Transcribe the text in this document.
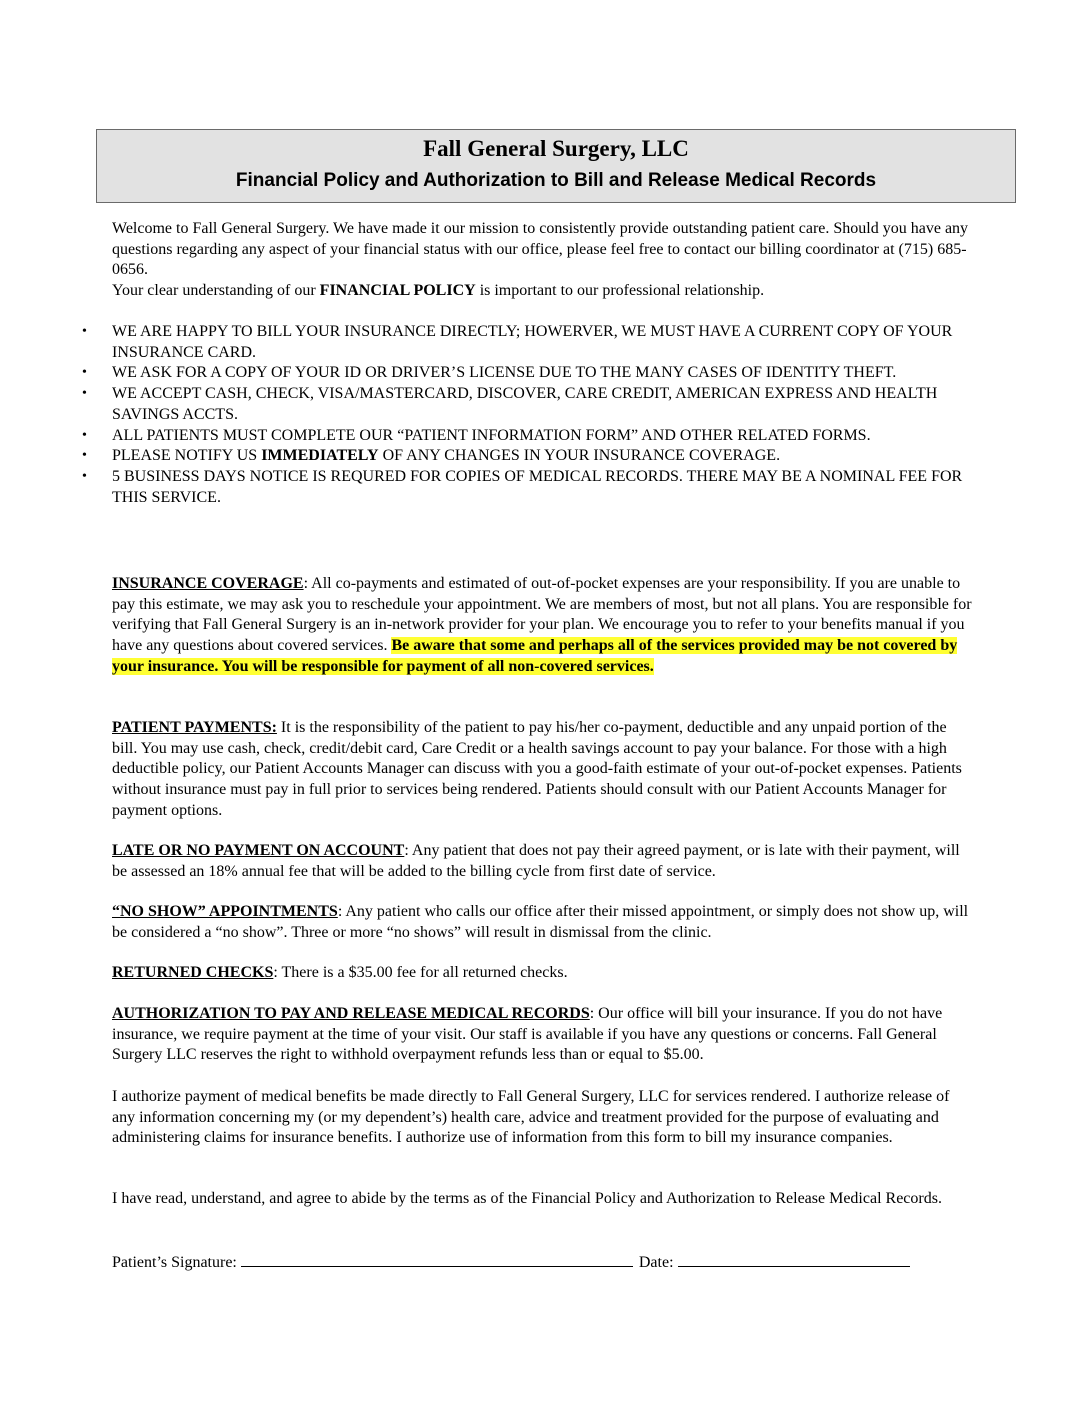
Fall General Surgery, LLC
Financial Policy and Authorization to Bill and Release Medical Records

Welcome to Fall General Surgery. We have made it our mission to consistently provide outstanding patient care. Should you have any questions regarding any aspect of your financial status with our office, please feel free to contact our billing coordinator at (715) 685-0656.

Your clear understanding of our FINANCIAL POLICY is important to our professional relationship.

• WE ARE HAPPY TO BILL YOUR INSURANCE DIRECTLY; HOWERVER, WE MUST HAVE A CURRENT COPY OF YOUR INSURANCE CARD.
• WE ASK FOR A COPY OF YOUR ID OR DRIVER’S LICENSE DUE TO THE MANY CASES OF IDENTITY THEFT.
• WE ACCEPT CASH, CHECK, VISA/MASTERCARD, DISCOVER, CARE CREDIT, AMERICAN EXPRESS AND HEALTH SAVINGS ACCTS.
• ALL PATIENTS MUST COMPLETE OUR “PATIENT INFORMATION FORM” AND OTHER RELATED FORMS.
• PLEASE NOTIFY US IMMEDIATELY OF ANY CHANGES IN YOUR INSURANCE COVERAGE.
• 5 BUSINESS DAYS NOTICE IS REQURED FOR COPIES OF MEDICAL RECORDS. THERE MAY BE A NOMINAL FEE FOR THIS SERVICE.

INSURANCE COVERAGE: All co-payments and estimated of out-of-pocket expenses are your responsibility. If you are unable to pay this estimate, we may ask you to reschedule your appointment. We are members of most, but not all plans. You are responsible for verifying that Fall General Surgery is an in-network provider for your plan. We encourage you to refer to your benefits manual if you have any questions about covered services. Be aware that some and perhaps all of the services provided may be not covered by your insurance. You will be responsible for payment of all non-covered services.

PATIENT PAYMENTS: It is the responsibility of the patient to pay his/her co-payment, deductible and any unpaid portion of the bill. You may use cash, check, credit/debit card, Care Credit or a health savings account to pay your balance. For those with a high deductible policy, our Patient Accounts Manager can discuss with you a good-faith estimate of your out-of-pocket expenses. Patients without insurance must pay in full prior to services being rendered. Patients should consult with our Patient Accounts Manager for payment options.

LATE OR NO PAYMENT ON ACCOUNT: Any patient that does not pay their agreed payment, or is late with their payment, will be assessed an 18% annual fee that will be added to the billing cycle from first date of service.

“NO SHOW” APPOINTMENTS: Any patient who calls our office after their missed appointment, or simply does not show up, will be considered a “no show”. Three or more “no shows” will result in dismissal from the clinic.

RETURNED CHECKS: There is a $35.00 fee for all returned checks.

AUTHORIZATION TO PAY AND RELEASE MEDICAL RECORDS: Our office will bill your insurance. If you do not have insurance, we require payment at the time of your visit. Our staff is available if you have any questions or concerns. Fall General Surgery LLC reserves the right to withhold overpayment refunds less than or equal to $5.00.

I authorize payment of medical benefits be made directly to Fall General Surgery, LLC for services rendered. I authorize release of any information concerning my (or my dependent’s) health care, advice and treatment provided for the purpose of evaluating and administering claims for insurance benefits. I authorize use of information from this form to bill my insurance companies.

I have read, understand, and agree to abide by the terms as of the Financial Policy and Authorization to Release Medical Records.

Patient’s Signature:	Date:
